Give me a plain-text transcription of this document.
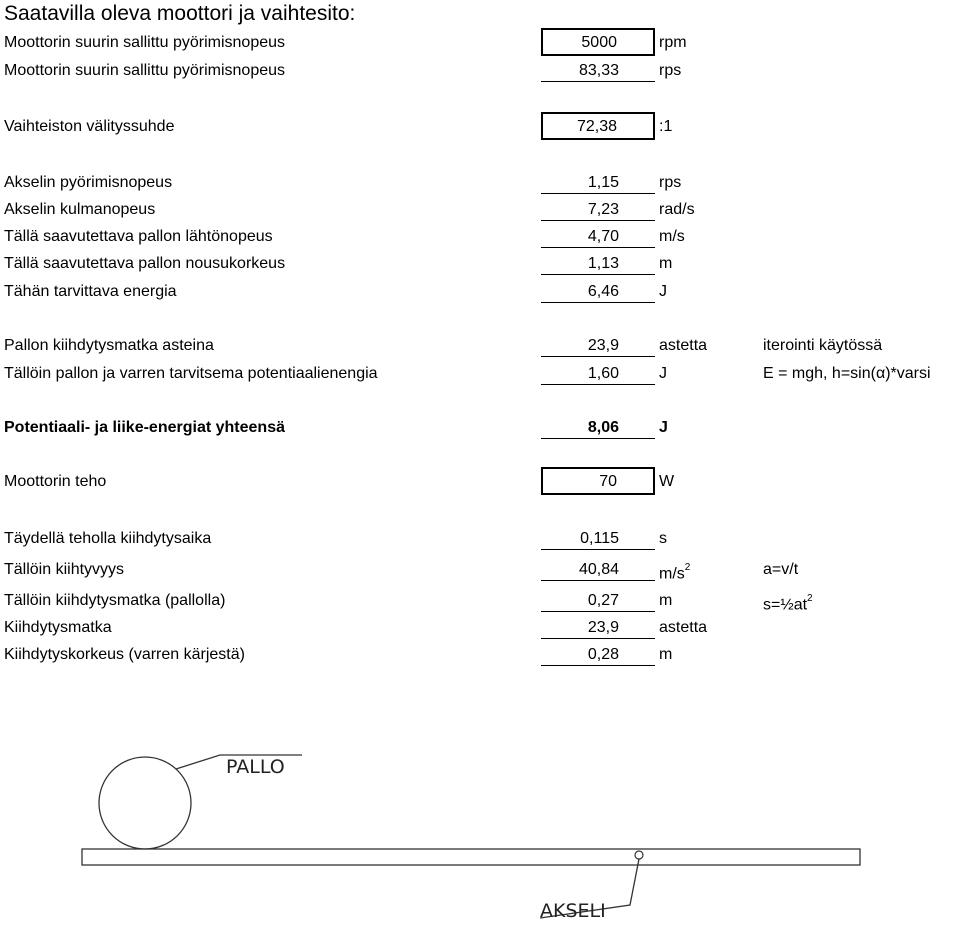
Saatavilla oleva moottori ja vaihtesito:
Moottorin suurin sallittu pyörimisnopeus	5000	rpm
Moottorin suurin sallittu pyörimisnopeus	83,33	rps
Vaihteiston välityssuhde	72,38	:1
Akselin pyörimisnopeus	1,15	rps
Akselin kulmanopeus	7,23	rad/s
Tällä saavutettava pallon lähtönopeus	4,70	m/s
Tällä saavutettava pallon nousukorkeus	1,13	m
Tähän tarvittava energia	6,46	J
Pallon kiihdytysmatka asteina	23,9	astetta	iterointi käytössä
Tällöin pallon ja varren tarvitsema potentiaalienengia	1,60	J	E = mgh, h=sin(α)*varsi
Potentiaali- ja liike-energiat yhteensä	8,06	J
Moottorin teho	70	W
Täydellä teholla kiihdytysaika	0,115	s
Tällöin kiihtyvyys	40,84	$m/s^2$	a=v/t
Tällöin kiihdytysmatka (pallolla)	0,27	m	$s=\frac{1}{2}at^2$
Kiihdytysmatka	23,9	astetta
Kiihdytyskorkeus (varren kärjestä)	0,28	m
PALLO
AKSELI
